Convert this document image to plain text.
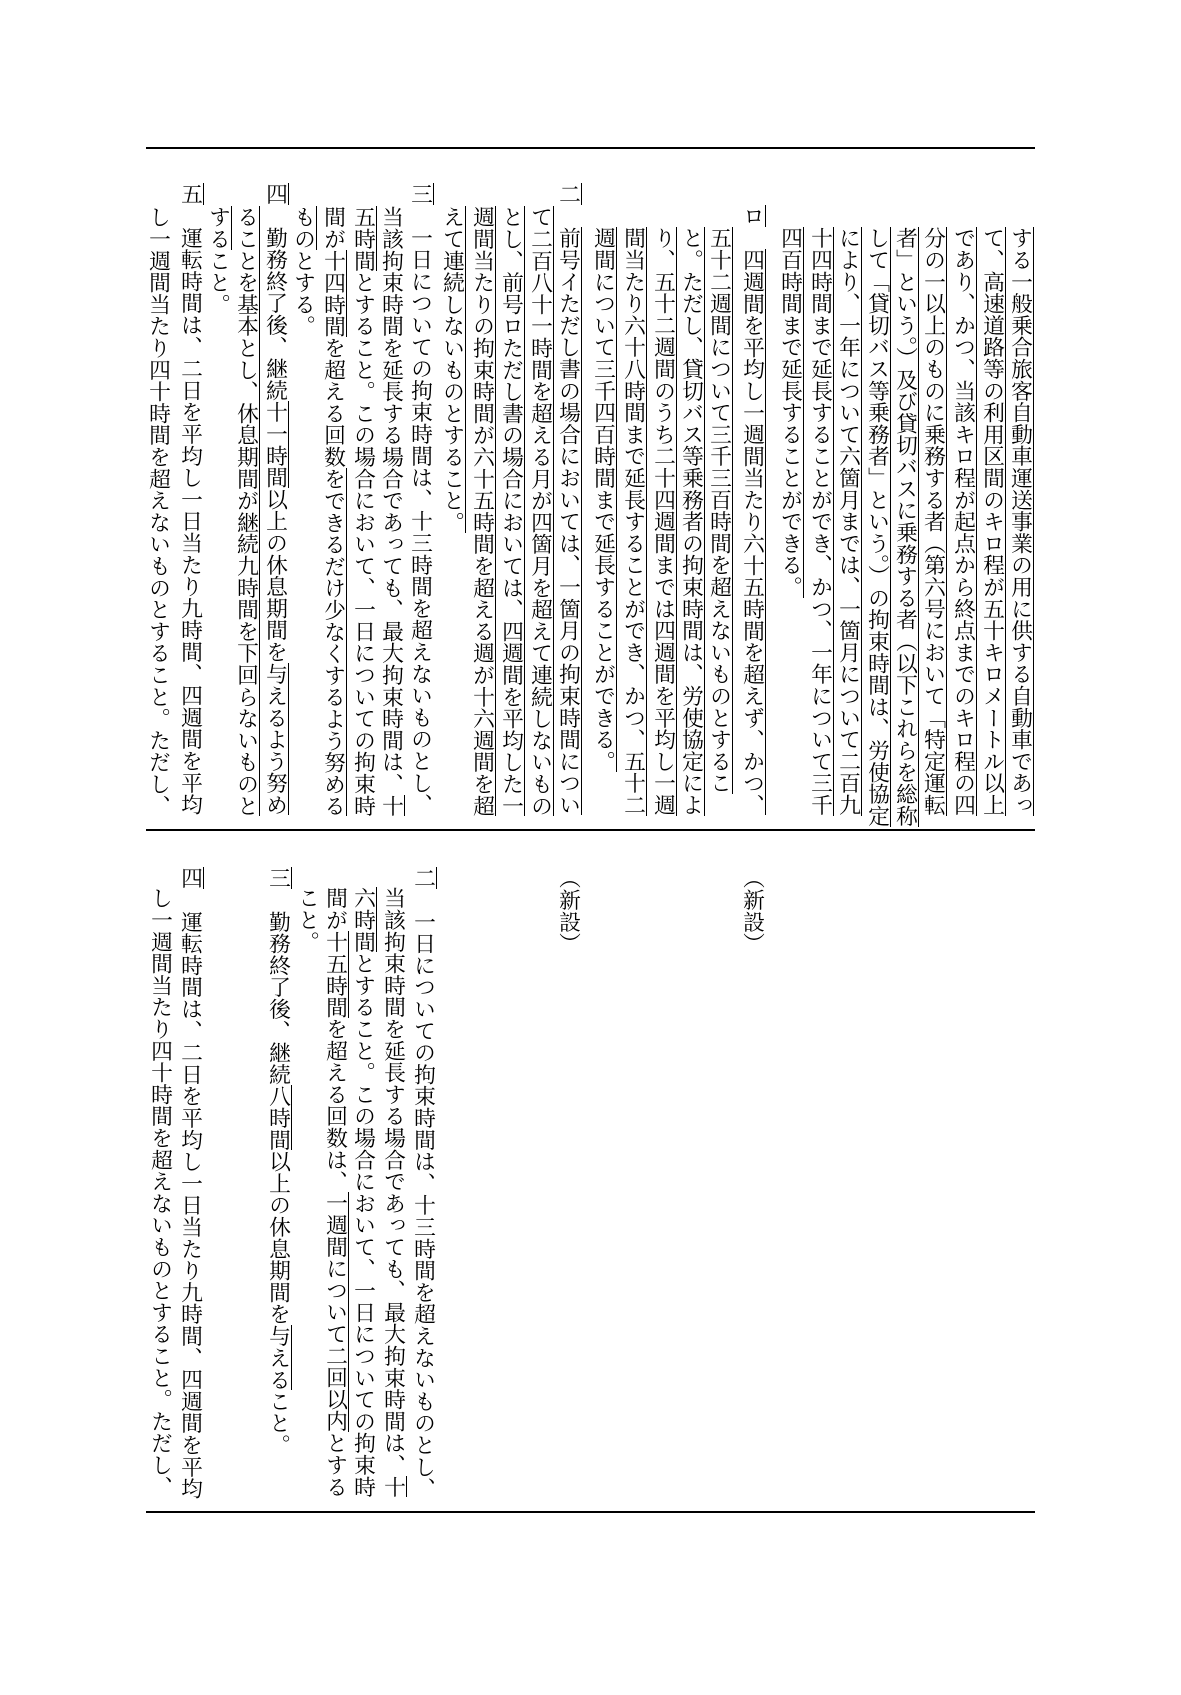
する一般乗合旅客自動車運送事業の用に供する自動車であっ
て、高速道路等の利用区間のキロ程が五十キロメートル以上
であり、かつ、当該キロ程が起点から終点までのキロ程の四
分の一以上のものに乗務する者（第六号において「特定運転
者」という。）及び貸切バスに乗務する者（以下これらを総称
して「貸切バス等乗務者」という。）の拘束時間は、労使協定
により、一年について六箇月までは、一箇月について二百九
十四時間まで延長することができ、かつ、一年について三千
四百時間まで延長することができる。
ロ　四週間を平均し一週間当たり六十五時間を超えず、かつ、
五十二週間について三千三百時間を超えないものとするこ
と。ただし、貸切バス等乗務者の拘束時間は、労使協定によ
り、五十二週間のうち二十四週間までは四週間を平均し一週
間当たり六十八時間まで延長することができ、かつ、五十二
週間について三千四百時間まで延長することができる。
二　前号イただし書の場合においては、一箇月の拘束時間につい
て二百八十一時間を超える月が四箇月を超えて連続しないもの
とし、前号ロただし書の場合においては、四週間を平均した一
週間当たりの拘束時間が六十五時間を超える週が十六週間を超
えて連続しないものとすること。
三　一日についての拘束時間は、十三時間を超えないものとし、
当該拘束時間を延長する場合であっても、最大拘束時間は、十
五時間とすること。この場合において、一日についての拘束時
間が十四時間を超える回数をできるだけ少なくするよう努める
ものとする。
四　勤務終了後、継続十一時間以上の休息期間を与えるよう努め
ることを基本とし、休息期間が継続九時間を下回らないものと
すること。
五　運転時間は、二日を平均し一日当たり九時間、四週間を平均
し一週間当たり四十時間を超えないものとすること。ただし、
（新設）
（新設）
二　一日についての拘束時間は、十三時間を超えないものとし、
当該拘束時間を延長する場合であっても、最大拘束時間は、十
六時間とすること。この場合において、一日についての拘束時
間が十五時間を超える回数は、一週間について二回以内とする
こと。
三　勤務終了後、継続八時間以上の休息期間を与えること。
四　運転時間は、二日を平均し一日当たり九時間、四週間を平均
し一週間当たり四十時間を超えないものとすること。ただし、
